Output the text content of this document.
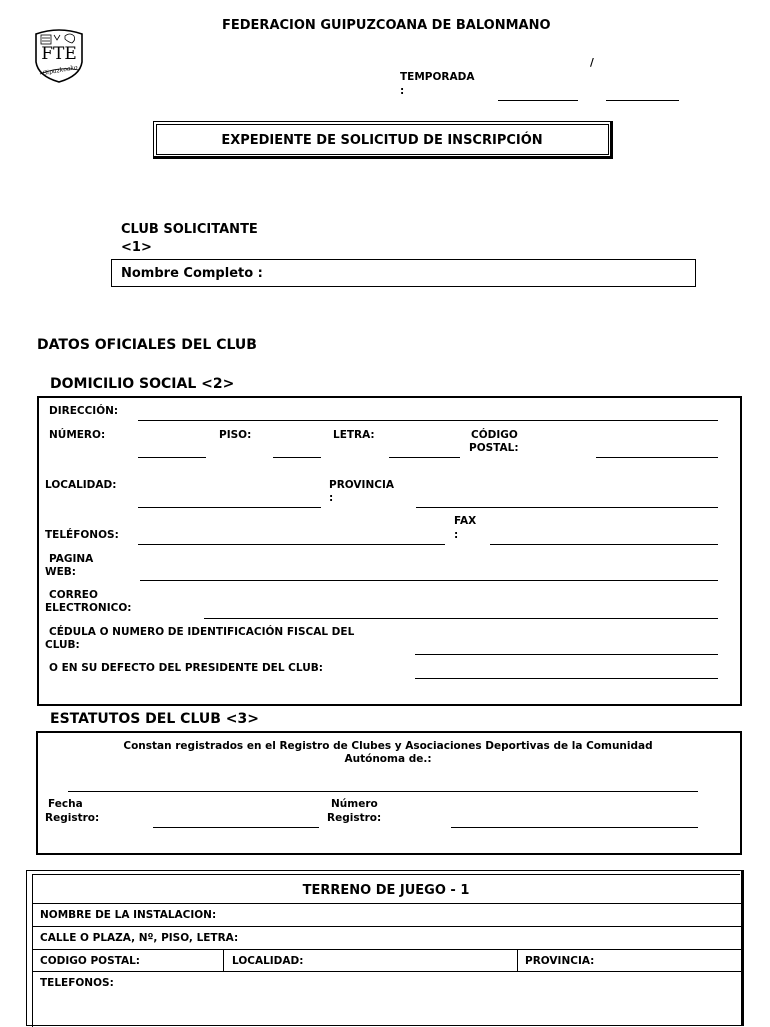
FTE
Gipuzkoako
FEDERACION GUIPUZCOANA DE BALONMANO
/
TEMPORADA
:
EXPEDIENTE DE SOLICITUD DE INSCRIPCIÓN
CLUB SOLICITANTE
<1>
Nombre Completo :
DATOS OFICIALES DEL CLUB
DOMICILIO SOCIAL <2>
DIRECCIÓN:
NÚMERO:	PISO:	LETRA:	CÓDIGO
POSTAL:
LOCALIDAD:	PROVINCIA
:
FAX
:
TELÉFONOS:
PAGINA
WEB:
CORREO
ELECTRONICO:
CÉDULA O NUMERO DE IDENTIFICACIÓN FISCAL DEL
CLUB:
O EN SU DEFECTO DEL PRESIDENTE DEL CLUB:
ESTATUTOS DEL CLUB <3>
Constan registrados en el Registro de Clubes y Asociaciones Deportivas de la Comunidad
Autónoma de.:
Fecha
Registro:
Número
Registro:
TERRENO DE JUEGO - 1
NOMBRE DE LA INSTALACION:
CALLE O PLAZA, Nº, PISO, LETRA:
CODIGO POSTAL:	LOCALIDAD:	PROVINCIA:
TELEFONOS:
